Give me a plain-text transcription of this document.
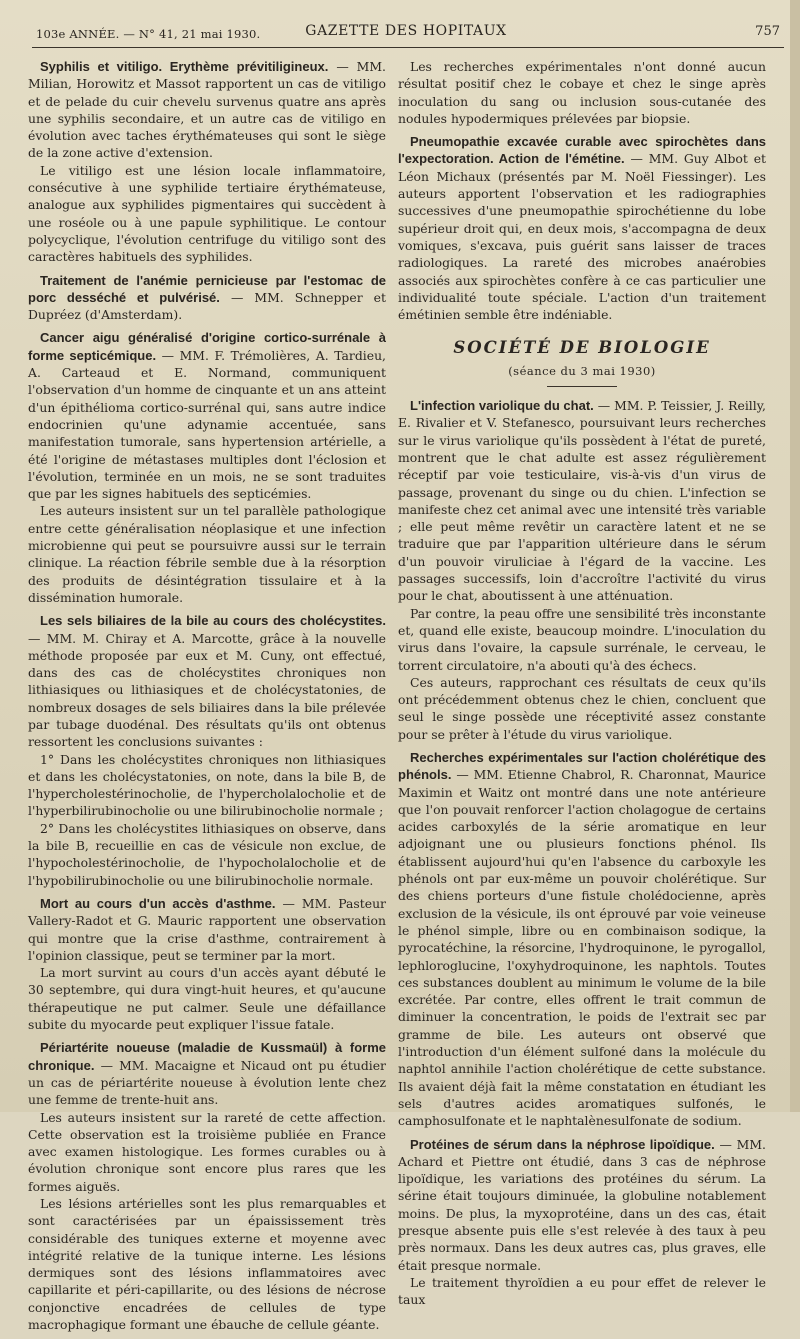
103e ANNÉE. — N° 41, 21 mai 1930.	GAZETTE DES HOPITAUX	757

Syphilis et vitiligo. Erythème prévitiligineux. — MM. Milian, Horowitz et Massot rapportent un cas de vitiligo et de pelade du cuir chevelu survenus quatre ans après une syphilis secondaire, et un autre cas de vitiligo en évolution avec taches érythémateuses qui sont le siège de la zone active d'extension.

Le vitiligo est une lésion locale inflammatoire, consécutive à une syphilide tertiaire érythémateuse, analogue aux syphilides pigmentaires qui succèdent à une roséole ou à une papule syphilitique. Le contour polycyclique, l'évolution centrifuge du vitiligo sont des caractères habituels des syphilides.

Traitement de l'anémie pernicieuse par l'estomac de porc desséché et pulvérisé. — MM. Schnepper et Dupréez (d'Amsterdam).

Cancer aigu généralisé d'origine cortico-surrénale à forme septicémique. — MM. F. Trémolières, A. Tardieu, A. Carteaud et E. Normand, communiquent l'observation d'un homme de cinquante et un ans atteint d'un épithélioma cortico-surrénal qui, sans autre indice endocrinien qu'une adynamie accentuée, sans manifestation tumorale, sans hypertension artérielle, a été l'origine de métastases multiples dont l'éclosion et l'évolution, terminée en un mois, ne se sont traduites que par les signes habituels des septicémies.

Les auteurs insistent sur un tel parallèle pathologique entre cette généralisation néoplasique et une infection microbienne qui peut se poursuivre aussi sur le terrain clinique. La réaction fébrile semble due à la résorption des produits de désintégration tissulaire et à la dissémination humorale.

Les sels biliaires de la bile au cours des cholécystites. — MM. M. Chiray et A. Marcotte, grâce à la nouvelle méthode proposée par eux et M. Cuny, ont effectué, dans des cas de cholécystites chroniques non lithiasiques ou lithiasiques et de cholécystatonies, de nombreux dosages de sels biliaires dans la bile prélevée par tubage duodénal. Des résultats qu'ils ont obtenus ressortent les conclusions suivantes :

1° Dans les cholécystites chroniques non lithiasiques et dans les cholécystatonies, on note, dans la bile B, de l'hypercholestérinocholie, de l'hypercholalocholie et de l'hyperbilirubinocholie ou une bilirubinocholie normale ;

2° Dans les cholécystites lithiasiques on observe, dans la bile B, recueillie en cas de vésicule non exclue, de l'hypocholestérinocholie, de l'hypocholalocholie et de l'hypobilirubinocholie ou une bilirubinocholie normale.

Mort au cours d'un accès d'asthme. — MM. Pasteur Vallery-Radot et G. Mauric rapportent une observation qui montre que la crise d'asthme, contrairement à l'opinion classique, peut se terminer par la mort.

La mort survint au cours d'un accès ayant débuté le 30 septembre, qui dura vingt-huit heures, et qu'aucune thérapeutique ne put calmer. Seule une défaillance subite du myocarde peut expliquer l'issue fatale.

Périartérite noueuse (maladie de Kussmaül) à forme chronique. — MM. Macaigne et Nicaud ont pu étudier un cas de périartérite noueuse à évolution lente chez une femme de trente-huit ans.

Les auteurs insistent sur la rareté de cette affection. Cette observation est la troisième publiée en France avec examen histologique. Les formes curables ou à évolution chronique sont encore plus rares que les formes aiguës.

Les lésions artérielles sont les plus remarquables et sont caractérisées par un épaississement très considérable des tuniques externe et moyenne avec intégrité relative de la tunique interne. Les lésions dermiques sont des lésions inflammatoires avec capillarite et péri-capillarite, ou des lésions de nécrose conjonctive encadrées de cellules de type macrophagique formant une ébauche de cellule géante.

Les recherches expérimentales n'ont donné aucun résultat positif chez le cobaye et chez le singe après inoculation du sang ou inclusion sous-cutanée des nodules hypodermiques prélevées par biopsie.

Pneumopathie excavée curable avec spirochètes dans l'expectoration. Action de l'émétine. — MM. Guy Albot et Léon Michaux (présentés par M. Noël Fiessinger). Les auteurs apportent l'observation et les radiographies successives d'une pneumopathie spirochétienne du lobe supérieur droit qui, en deux mois, s'accompagna de deux vomiques, s'excava, puis guérit sans laisser de traces radiologiques. La rareté des microbes anaérobies associés aux spirochètes confère à ce cas particulier une individualité toute spéciale. L'action d'un traitement émétinien semble être indéniable.

SOCIÉTÉ DE BIOLOGIE
(séance du 3 mai 1930)

L'infection variolique du chat. — MM. P. Teissier, J. Reilly, E. Rivalier et V. Stefanesco, poursuivant leurs recherches sur le virus variolique qu'ils possèdent à l'état de pureté, montrent que le chat adulte est assez régulièrement réceptif par voie testiculaire, vis-à-vis d'un virus de passage, provenant du singe ou du chien. L'infection se manifeste chez cet animal avec une intensité très variable ; elle peut même revêtir un caractère latent et ne se traduire que par l'apparition ultérieure dans le sérum d'un pouvoir viruliciae à l'égard de la vaccine. Les passages successifs, loin d'accroître l'activité du virus pour le chat, aboutissent à une atténuation.

Par contre, la peau offre une sensibilité très inconstante et, quand elle existe, beaucoup moindre. L'inoculation du virus dans l'ovaire, la capsule surrénale, le cerveau, le torrent circulatoire, n'a abouti qu'à des échecs.

Ces auteurs, rapprochant ces résultats de ceux qu'ils ont précédemment obtenus chez le chien, concluent que seul le singe possède une réceptivité assez constante pour se prêter à l'étude du virus variolique.

Recherches expérimentales sur l'action cholérétique des phénols. — MM. Etienne Chabrol, R. Charonnat, Maurice Maximin et Waitz ont montré dans une note antérieure que l'on pouvait renforcer l'action cholagogue de certains acides carboxylés de la série aromatique en leur adjoignant une ou plusieurs fonctions phénol. Ils établissent aujourd'hui qu'en l'absence du carboxyle les phénols ont par eux-même un pouvoir cholérétique. Sur des chiens porteurs d'une fistule cholédocienne, après exclusion de la vésicule, ils ont éprouvé par voie veineuse le phénol simple, libre ou en combinaison sodique, la pyrocatéchine, la résorcine, l'hydroquinone, le pyrogallol, lephloroglucine, l'oxyhydroquinone, les naphtols. Toutes ces substances doublent au minimum le volume de la bile excrétée. Par contre, elles offrent le trait commun de diminuer la concentration, le poids de l'extrait sec par gramme de bile. Les auteurs ont observé que l'introduction d'un élément sulfoné dans la molécule du naphtol annihile l'action cholérétique de cette substance. Ils avaient déjà fait la même constatation en étudiant les sels d'autres acides aromatiques sulfonés, le camphosulfonate et le naphtalènesulfonate de sodium.

Protéines de sérum dans la néphrose lipoïdique. — MM. Achard et Piettre ont étudié, dans 3 cas de néphrose lipoïdique, les variations des protéines du sérum. La sérine était toujours diminuée, la globuline notablement moins. De plus, la myxoprotéine, dans un des cas, était presque absente puis elle s'est relevée à des taux à peu près normaux. Dans les deux autres cas, plus graves, elle était presque normale.

Le traitement thyroïdien a eu pour effet de relever le taux
